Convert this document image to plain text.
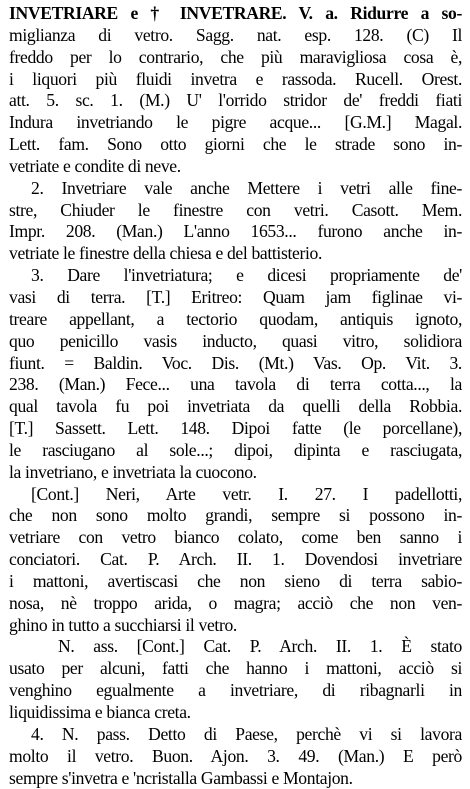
INVETRIARE e † INVETRARE. V. a. Ridurre a so-
miglianza di vetro. Sagg. nat. esp. 128. (C) Il
freddo per lo contrario, che più maravigliosa cosa è,
i liquori più fluidi invetra e rassoda. Rucell. Orest.
att. 5. sc. 1. (M.) U' l'orrido stridor de' freddi fiati
Indura invetriando le pigre acque... [G.M.] Magal.
Lett. fam. Sono otto giorni che le strade sono in-
vetriate e condite di neve.
2. Invetriare vale anche Mettere i vetri alle fine-
stre, Chiuder le finestre con vetri. Casott. Mem.
Impr. 208. (Man.) L'anno 1653... furono anche in-
vetriate le finestre della chiesa e del battisterio.
3. Dare l'invetriatura; e dicesi propriamente de'
vasi di terra. [T.] Eritreo: Quam jam figlinae vi-
treare appellant, a tectorio quodam, antiquis ignoto,
quo penicillo vasis inducto, quasi vitro, solidiora
fiunt. = Baldin. Voc. Dis. (Mt.) Vas. Op. Vit. 3.
238. (Man.) Fece... una tavola di terra cotta..., la
qual tavola fu poi invetriata da quelli della Robbia.
[T.] Sassett. Lett. 148. Dipoi fatte (le porcellane),
le rasciugano al sole...; dipoi, dipinta e rasciugata,
la invetriano, e invetriata la cuocono.
[Cont.] Neri, Arte vetr. I. 27. I padellotti,
che non sono molto grandi, sempre si possono in-
vetriare con vetro bianco colato, come ben sanno i
conciatori. Cat. P. Arch. II. 1. Dovendosi invetriare
i mattoni, avertiscasi che non sieno di terra sabio-
nosa, nè troppo arida, o magra; acciò che non ven-
ghino in tutto a succhiarsi il vetro.
N. ass. [Cont.] Cat. P. Arch. II. 1. È stato
usato per alcuni, fatti che hanno i mattoni, acciò si
venghino egualmente a invetriare, di ribagnarli in
liquidissima e bianca creta.
4. N. pass. Detto di Paese, perchè vi si lavora
molto il vetro. Buon. Ajon. 3. 49. (Man.) E però
sempre s'invetra e 'ncristalla Gambassi e Montajon.
